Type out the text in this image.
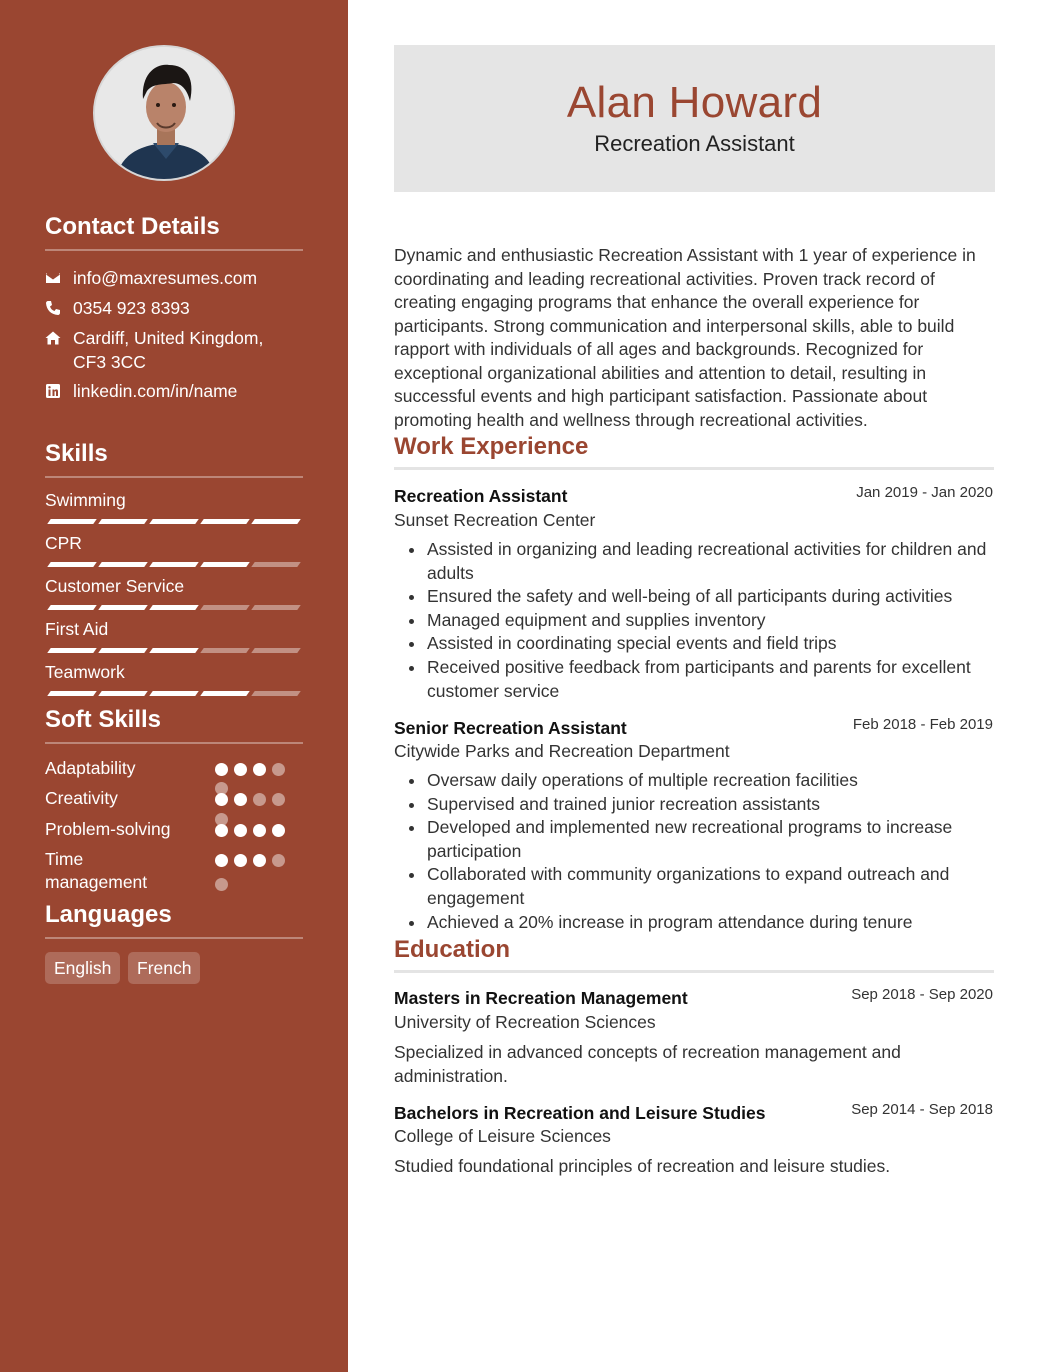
Contact Details
info@maxresumes.com
0354 923 8393
Cardiff, United Kingdom,
CF3 3CC
linkedin.com/in/name
Skills
Swimming
CPR
Customer Service
First Aid
Teamwork
Soft Skills
Adaptability
Creativity
Problem-solving
Time management
Languages
English	French
Alan Howard
Recreation Assistant
Dynamic and enthusiastic Recreation Assistant with 1 year of experience in coordinating and leading recreational activities. Proven track record of creating engaging programs that enhance the overall experience for participants. Strong communication and interpersonal skills, able to build rapport with individuals of all ages and backgrounds. Recognized for exceptional organizational abilities and attention to detail, resulting in successful events and high participant satisfaction. Passionate about promoting health and wellness through recreational activities.
Work Experience
Recreation Assistant	Jan 2019 - Jan 2020
Sunset Recreation Center
Assisted in organizing and leading recreational activities for children and adults
Ensured the safety and well-being of all participants during activities
Managed equipment and supplies inventory
Assisted in coordinating special events and field trips
Received positive feedback from participants and parents for excellent customer service
Senior Recreation Assistant	Feb 2018 - Feb 2019
Citywide Parks and Recreation Department
Oversaw daily operations of multiple recreation facilities
Supervised and trained junior recreation assistants
Developed and implemented new recreational programs to increase participation
Collaborated with community organizations to expand outreach and engagement
Achieved a 20% increase in program attendance during tenure
Education
Masters in Recreation Management	Sep 2018 - Sep 2020
University of Recreation Sciences
Specialized in advanced concepts of recreation management and administration.
Bachelors in Recreation and Leisure Studies	Sep 2014 - Sep 2018
College of Leisure Sciences
Studied foundational principles of recreation and leisure studies.
